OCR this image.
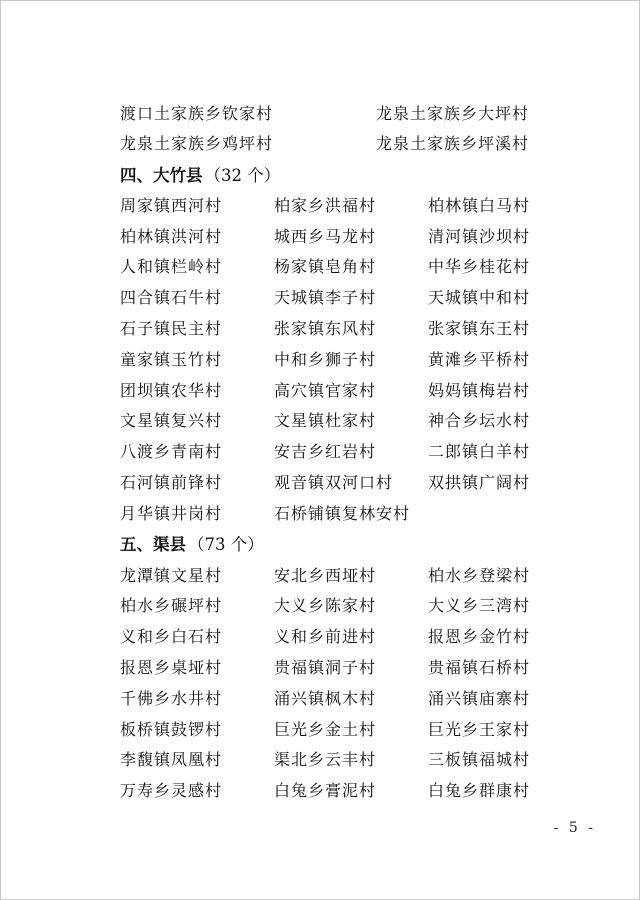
渡口土家族乡钦家村	龙泉土家族乡大坪村
龙泉土家族乡鸡坪村	龙泉土家族乡坪溪村
四、大竹县 （32 个）
周家镇西河村	柏家乡洪福村	柏林镇白马村
柏林镇洪河村	城西乡马龙村	清河镇沙坝村
人和镇栏岭村	杨家镇皂角村	中华乡桂花村
四合镇石牛村	天城镇李子村	天城镇中和村
石子镇民主村	张家镇东风村	张家镇东王村
童家镇玉竹村	中和乡狮子村	黄滩乡平桥村
团坝镇农华村	高穴镇官家村	妈妈镇梅岩村
文星镇复兴村	文星镇杜家村	神合乡坛水村
八渡乡青南村	安吉乡红岩村	二郎镇白羊村
石河镇前锋村	观音镇双河口村	双拱镇广阔村
月华镇井岗村	石桥铺镇复林安村
五、渠县 （73 个）
龙潭镇文星村	安北乡西垭村	柏水乡登梁村
柏水乡碾坪村	大义乡陈家村	大义乡三湾村
义和乡白石村	义和乡前进村	报恩乡金竹村
报恩乡桌垭村	贵福镇洞子村	贵福镇石桥村
千佛乡水井村	涌兴镇枫木村	涌兴镇庙寨村
板桥镇鼓锣村	巨光乡金土村	巨光乡王家村
李馥镇凤凰村	渠北乡云丰村	三板镇福城村
万寿乡灵感村	白兔乡膏泥村	白兔乡群康村
- 5 -
